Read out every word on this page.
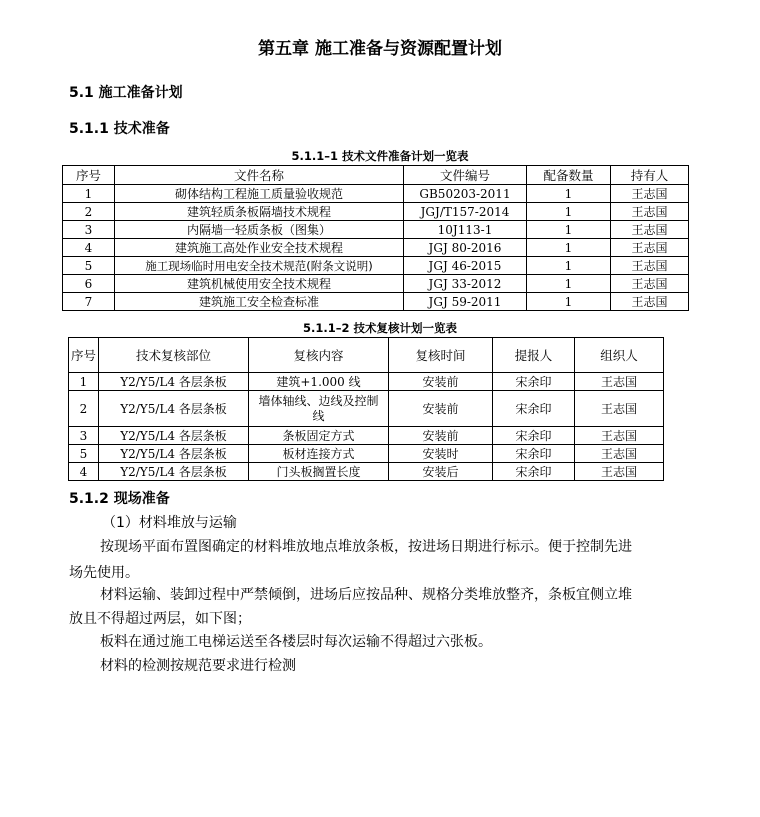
第五章 施工准备与资源配置计划
5.1 施工准备计划
5.1.1 技术准备
5.1.1–1 技术文件准备计划一览表
序号	文件名称	文件编号	配备数量	持有人
1	砌体结构工程施工质量验收规范	GB50203-2011	1	王志国
2	建筑轻质条板隔墙技术规程	JGJ/T157-2014	1	王志国
3	内隔墙一轻质条板（图集）	10J113-1	1	王志国
4	建筑施工高处作业安全技术规程	JGJ 80-2016	1	王志国
5	施工现场临时用电安全技术规范(附条文说明)	JGJ 46-2015	1	王志国
6	建筑机械使用安全技术规程	JGJ 33-2012	1	王志国
7	建筑施工安全检查标准	JGJ 59-2011	1	王志国
5.1.1–2 技术复核计划一览表
序号	技术复核部位	复核内容	复核时间	提报人	组织人
1	Y2/Y5/L4 各层条板	建筑+1.000 线	安装前	宋余印	王志国
2	Y2/Y5/L4 各层条板	墙体轴线、边线及控制线	安装前	宋余印	王志国
3	Y2/Y5/L4 各层条板	条板固定方式	安装前	宋余印	王志国
5	Y2/Y5/L4 各层条板	板材连接方式	安装时	宋余印	王志国
4	Y2/Y5/L4 各层条板	门头板搁置长度	安装后	宋余印	王志国
5.1.2 现场准备
（1）材料堆放与运输
按现场平面布置图确定的材料堆放地点堆放条板，按进场日期进行标示。便于控制先进
场先使用。
材料运输、装卸过程中严禁倾倒，进场后应按品种、规格分类堆放整齐，条板宜侧立堆
放且不得超过两层，如下图；
板料在通过施工电梯运送至各楼层时每次运输不得超过六张板。
材料的检测按规范要求进行检测
